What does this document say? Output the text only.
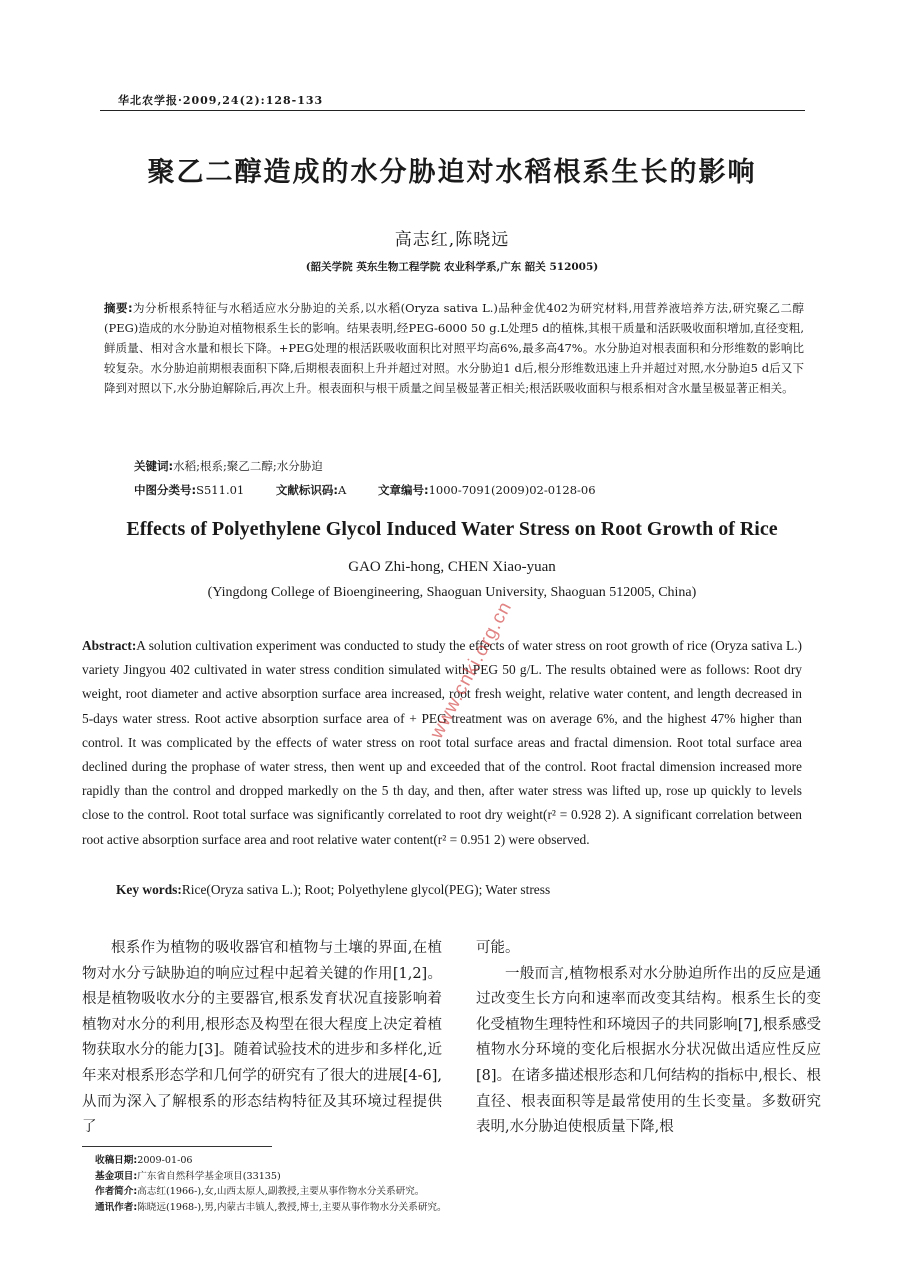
华北农学报·2009,24(2):128-133
聚乙二醇造成的水分胁迫对水稻根系生长的影响
高志红,陈晓远
(韶关学院 英东生物工程学院 农业科学系,广东 韶关 512005)
摘要:为分析根系特征与水稻适应水分胁迫的关系,以水稻(Oryza sativa L.)品种金优402为研究材料,用营养液培养方法,研究聚乙二醇(PEG)造成的水分胁迫对植物根系生长的影响。结果表明,经PEG-6000 50 g.L处理5 d的植株,其根干质量和活跃吸收面积增加,直径变粗,鲜质量、相对含水量和根长下降。+PEG处理的根活跃吸收面积比对照平均高6%,最多高47%。水分胁迫对根表面积和分形维数的影响比较复杂。水分胁迫前期根表面积下降,后期根表面积上升并超过对照。水分胁迫1 d后,根分形维数迅速上升并超过对照,水分胁迫5 d后又下降到对照以下,水分胁迫解除后,再次上升。根表面积与根干质量之间呈极显著正相关;根活跃吸收面积与根系相对含水量呈极显著正相关。
关键词:水稻;根系;聚乙二醇;水分胁迫
中图分类号:S511.01	文献标识码:A	文章编号:1000-7091(2009)02-0128-06
Effects of Polyethylene Glycol Induced Water Stress on Root Growth of Rice
GAO Zhi-hong, CHEN Xiao-yuan
(Yingdong College of Bioengineering, Shaoguan University, Shaoguan 512005, China)
Abstract:A solution cultivation experiment was conducted to study the effects of water stress on root growth of rice (Oryza sativa L.) variety Jingyou 402 cultivated in water stress condition simulated with PEG 50 g/L. The results obtained were as follows: Root dry weight, root diameter and active absorption surface area increased, root fresh weight, relative water content, and length decreased in 5-days water stress. Root active absorption surface area of + PEG treatment was on average 6%, and the highest 47% higher than control. It was complicated by the effects of water stress on root total surface areas and fractal dimension. Root total surface area declined during the prophase of water stress, then went up and exceeded that of the control. Root fractal dimension increased more rapidly than the control and dropped markedly on the 5 th day, and then, after water stress was lifted up, rose up quickly to levels close to the control. Root total surface was significantly correlated to root dry weight(r² = 0.928 2). A significant correlation between root active absorption surface area and root relative water content(r² = 0.951 2) were observed.
Key words:Rice(Oryza sativa L.); Root; Polyethylene glycol(PEG); Water stress

根系作为植物的吸收器官和植物与土壤的界面,在植物对水分亏缺胁迫的响应过程中起着关键的作用[1,2]。根是植物吸收水分的主要器官,根系发育状况直接影响着植物对水分的利用,根形态及构型在很大程度上决定着植物获取水分的能力[3]。随着试验技术的进步和多样化,近年来对根系形态学和几何学的研究有了很大的进展[4-6],从而为深入了解根系的形态结构特征及其环境过程提供了

可能。

一般而言,植物根系对水分胁迫所作出的反应是通过改变生长方向和速率而改变其结构。根系生长的变化受植物生理特性和环境因子的共同影响[7],根系感受植物水分环境的变化后根据水分状况做出适应性反应[8]。在诸多描述根形态和几何结构的指标中,根长、根直径、根表面积等是最常使用的生长变量。多数研究表明,水分胁迫使根质量下降,根

收稿日期:2009-01-06
基金项目:广东省自然科学基金项目(33135)
作者简介:高志红(1966-),女,山西太原人,副教授,主要从事作物水分关系研究。
通讯作者:陈晓远(1968-),男,内蒙古丰镇人,教授,博士,主要从事作物水分关系研究。
www.cnki.org.cn
